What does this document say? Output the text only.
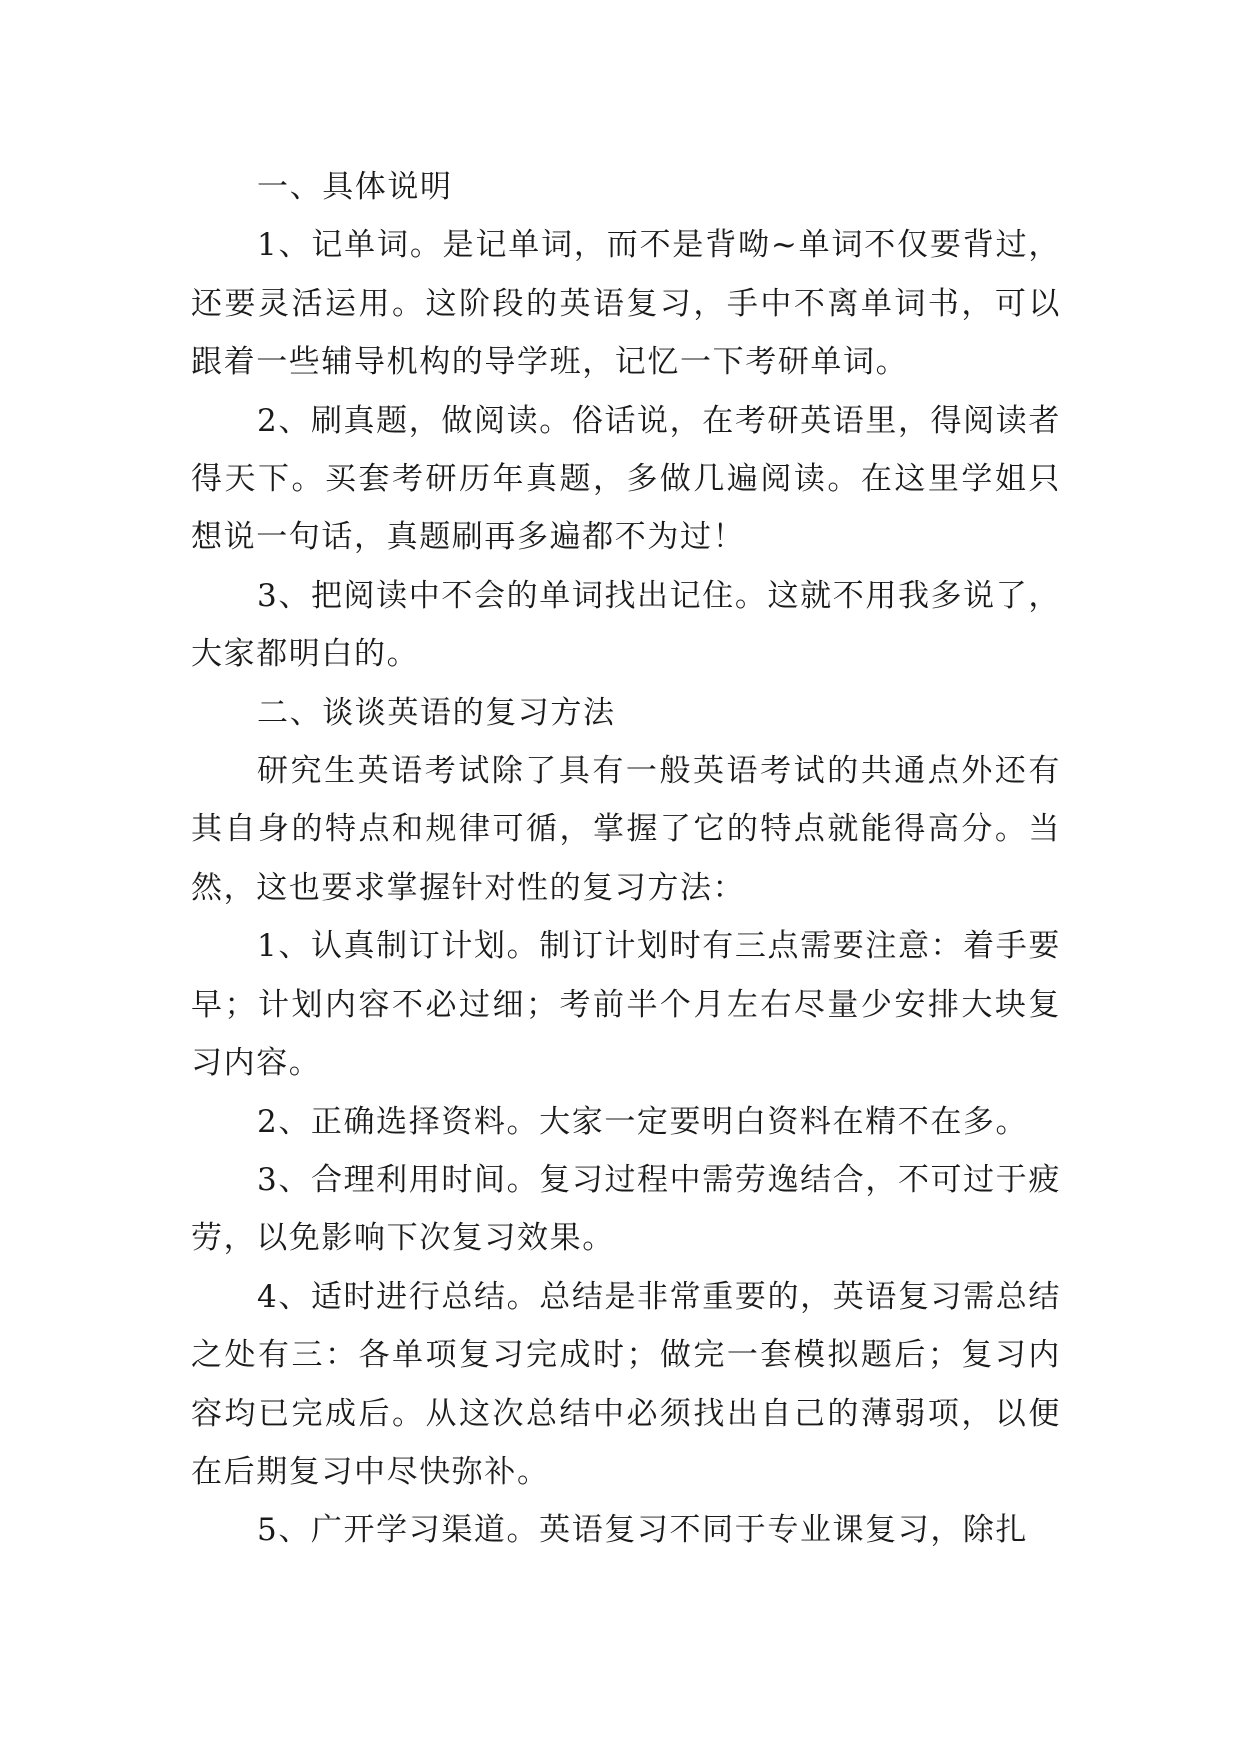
一、具体说明

1、记单词。是记单词，而不是背呦~单词不仅要背过，还要灵活运用。这阶段的英语复习，手中不离单词书，可以跟着一些辅导机构的导学班，记忆一下考研单词。

2、刷真题，做阅读。俗话说，在考研英语里，得阅读者得天下。买套考研历年真题，多做几遍阅读。在这里学姐只想说一句话，真题刷再多遍都不为过！

3、把阅读中不会的单词找出记住。这就不用我多说了，大家都明白的。

二、谈谈英语的复习方法

研究生英语考试除了具有一般英语考试的共通点外还有其自身的特点和规律可循，掌握了它的特点就能得高分。当然，这也要求掌握针对性的复习方法：

1、认真制订计划。制订计划时有三点需要注意：着手要早；计划内容不必过细；考前半个月左右尽量少安排大块复习内容。

2、正确选择资料。大家一定要明白资料在精不在多。

3、合理利用时间。复习过程中需劳逸结合，不可过于疲劳，以免影响下次复习效果。

4、适时进行总结。总结是非常重要的，英语复习需总结之处有三：各单项复习完成时；做完一套模拟题后；复习内容均已完成后。从这次总结中必须找出自己的薄弱项，以便在后期复习中尽快弥补。

5、广开学习渠道。英语复习不同于专业课复习，除扎
